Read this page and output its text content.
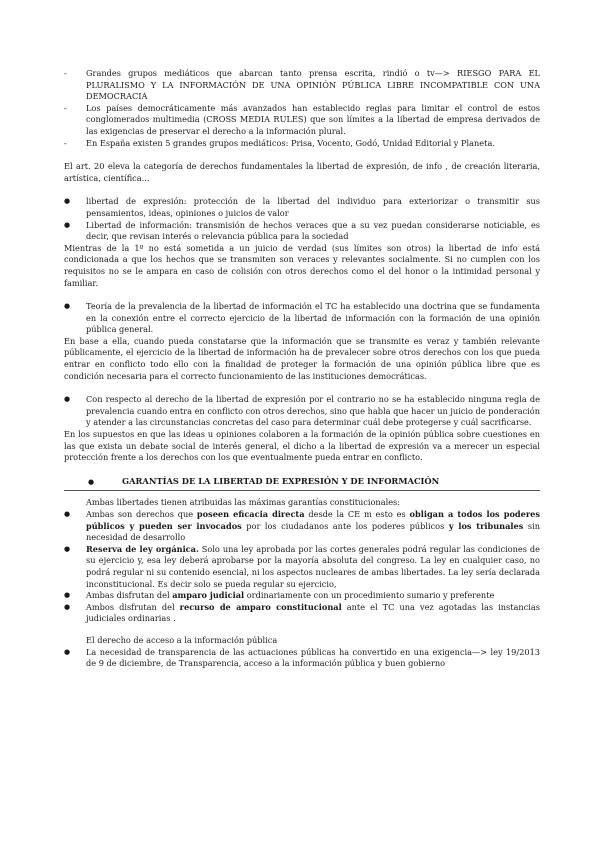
-	Grandes grupos mediáticos que abarcan tanto prensa escrita, rindió o tv—> RIESGO PARA EL PLURALISMO Y LA INFORMACIÓN DE UNA OPINIÓN PÚBLICA LIBRE INCOMPATIBLE CON UNA DEMOCRACIA
-	Los países democráticamente más avanzados han establecido reglas para limitar el control de estos conglomerados multimedia (CROSS MEDIA RULES) que son límites a la libertad de empresa derivados de las exigencias de preservar el derecho a la información plural.
-	En España existen 5 grandes grupos mediáticos: Prisa, Vocento, Godó, Unidad Editorial y Planeta.

El art. 20 eleva la categoría de derechos fundamentales la libertad de expresión, de info , de creación literaria, artística, científica…

●	libertad de expresión: protección de la libertad del individuo para exteriorizar o transmitir sus pensamientos, ideas, opiniones o juicios de valor
●	Libertad de información: transmisión de hechos veraces que a su vez puedan considerarse noticiable, es decir, que revisan interés o relevancia pública para la sociedad

Mientras de la 1º no está sometida a un juicio de verdad (sus límites son otros) la libertad de info está condicionada a que los hechos que se transmiten son veraces y relevantes socialmente. Si no cumplen con los requisitos no se le ampara en caso de colisión con otros derechos como el del honor o la intimidad personal y familiar.

●	Teoría de la prevalencia de la libertad de información el TC ha establecido una doctrina que se fundamenta en la conexión entre el correcto ejercicio de la libertad de información con la formación de una opinión pública general.

En base a ella, cuando pueda constatarse que la información que se transmite es veraz y también relevante públicamente, el ejercicio de la libertad de información ha de prevalecer sobre otros derechos con los que pueda entrar en conflicto todo ello con la finalidad de proteger la formación de una opinión pública libre que es condición necesaria para el correcto funcionamiento de las instituciones democráticas.

●	Con respecto al derecho de la libertad de expresión por el contrario no se ha establecido ninguna regla de prevalencia cuando entra en conflicto con otros derechos, sino que habla que hacer un juicio de ponderación y atender a las circunstancias concretas del caso para determinar cuál debe protegerse y cuál sacrificarse.

En los supuestos en que las ideas u opiniones colaboren a la formación de la opinión pública sobre cuestiones en las que exista un debate social de interés general, el dicho a la libertad de expresión va a merecer un especial protección frente a los derechos con los que eventualmente pueda entrar en conflicto.

●	GARANTÍAS DE LA LIBERTAD DE EXPRESIÓN Y DE INFORMACIÓN

Ambas libertades tienen atribuidas las máximas garantías constitucionales:

●	Ambas son derechos que poseen eficacia directa desde la CE m esto es obligan a todos los poderes públicos y pueden ser invocados por los ciudadanos ante los poderes públicos y los tribunales sin necesidad de desarrollo
●	Reserva de ley orgánica. Solo una ley aprobada por las cortes generales podrá regular las condiciones de su ejercicio y, esa ley deberá aprobarse por la mayoría absoluta del congreso. La ley en cualquier caso, no podrá regular ni su contenido esencial, ni los aspectos nucleares de ambas libertades. La ley sería declarada inconstitucional. Es decir solo se pueda regular su ejercicio,
●	Ambas disfrutan del amparo judicial ordinariamente con un procedimiento sumario y preferente
●	Ambos disfrutan del recurso de amparo constitucional ante el TC una vez agotadas las instancias judiciales ordinarias .

El derecho de acceso a la información pública

●	La necesidad de transparencia de las actuaciones públicas ha convertido en una exigencia—> ley 19/2013 de 9 de diciembre, de Transparencia, acceso a la información pública y buen gobierno
